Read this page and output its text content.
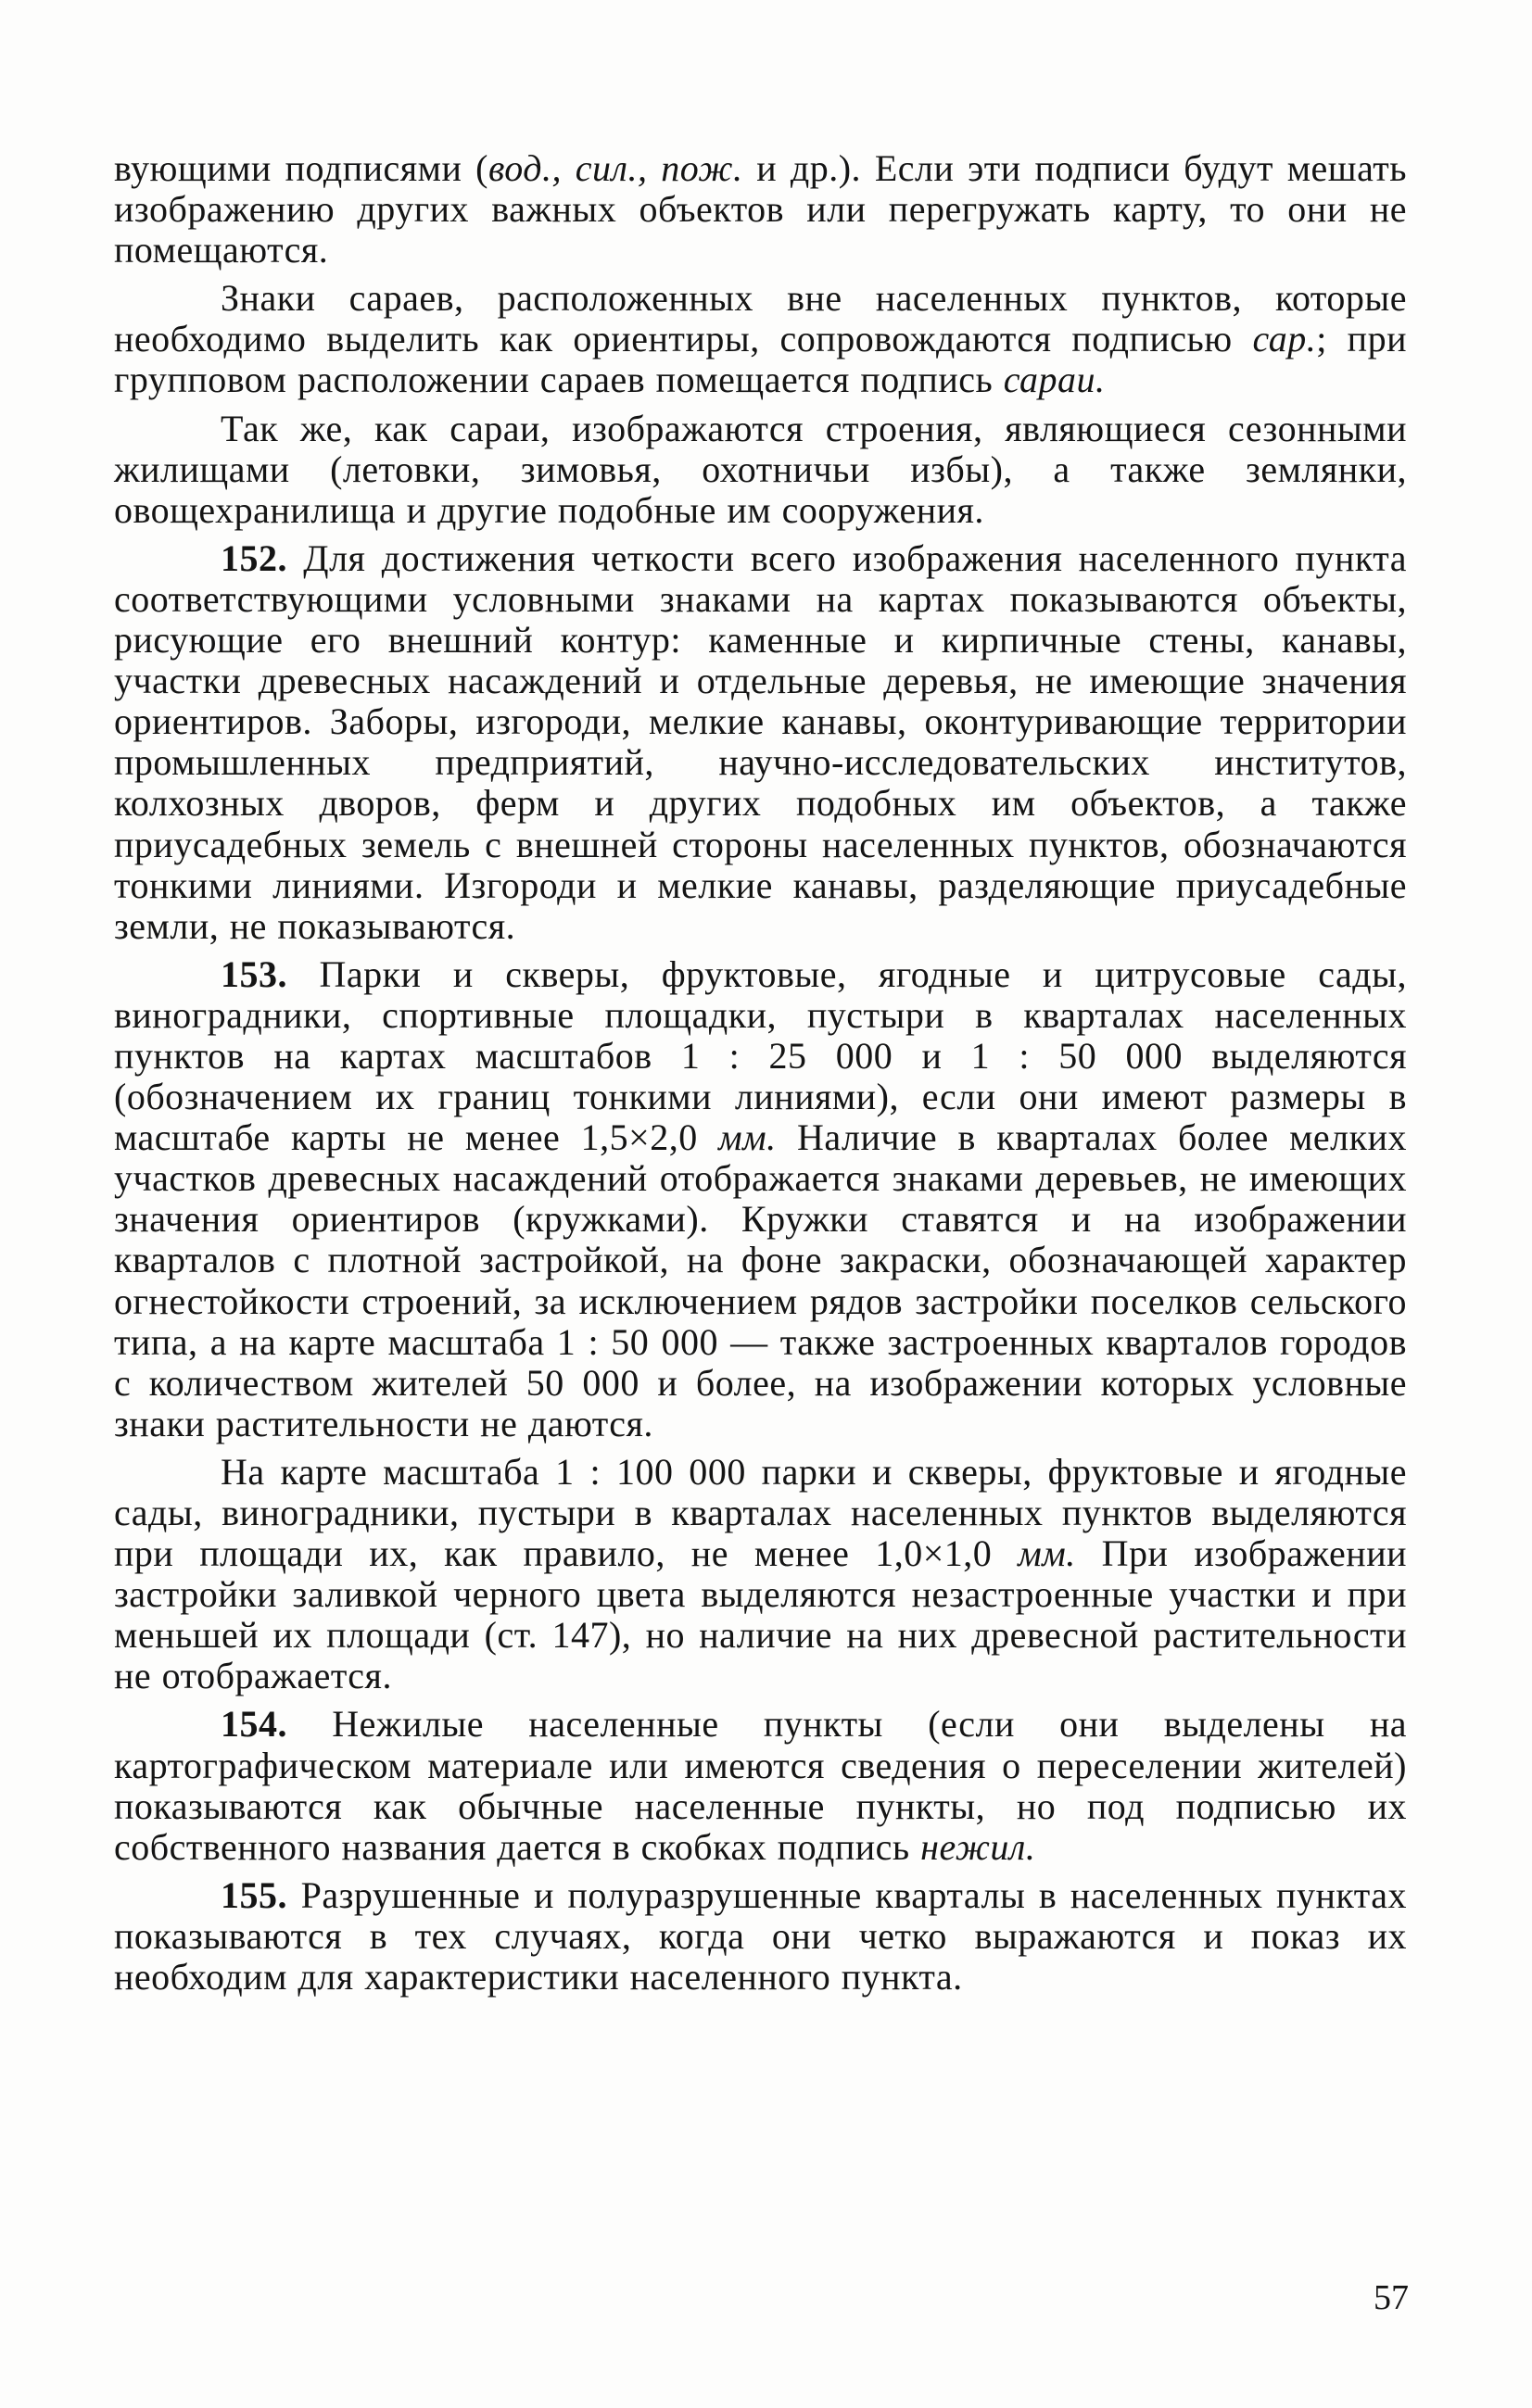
вующими подписями (вод., сил., пож. и др.). Если эти подписи будут мешать изображению других важных объектов или перегружать карту, то они не помещаются.

Знаки сараев, расположенных вне населенных пунктов, которые необходимо выделить как ориентиры, сопровождаются подписью сар.; при групповом расположении сараев помещается подпись сараи.

Так же, как сараи, изображаются строения, являющиеся сезонными жилищами (летовки, зимовья, охотничьи избы), а также землянки, овощехранилища и другие подобные им сооружения.

152. Для достижения четкости всего изображения населенного пункта соответствующими условными знаками на картах показываются объекты, рисующие его внешний контур: каменные и кирпичные стены, канавы, участки древесных насаждений и отдельные деревья, не имеющие значения ориентиров. Заборы, изгороди, мелкие канавы, оконтуривающие территории промышленных предприятий, научно-исследовательских институтов, колхозных дворов, ферм и других подобных им объектов, а также приусадебных земель с внешней стороны населенных пунктов, обозначаются тонкими линиями. Изгороди и мелкие канавы, разделяющие приусадебные земли, не показываются.

153. Парки и скверы, фруктовые, ягодные и цитрусовые сады, виноградники, спортивные площадки, пустыри в кварталах населенных пунктов на картах масштабов 1 : 25 000 и 1 : 50 000 выделяются (обозначением их границ тонкими линиями), если они имеют размеры в масштабе карты не менее 1,5×2,0 мм. Наличие в кварталах более мелких участков древесных насаждений отображается знаками деревьев, не имеющих значения ориентиров (кружками). Кружки ставятся и на изображении кварталов с плотной застройкой, на фоне закраски, обозначающей характер огнестойкости строений, за исключением рядов застройки поселков сельского типа, а на карте масштаба 1 : 50 000 — также застроенных кварталов городов с количеством жителей 50 000 и более, на изображении которых условные знаки растительности не даются.

На карте масштаба 1 : 100 000 парки и скверы, фруктовые и ягодные сады, виноградники, пустыри в кварталах населенных пунктов выделяются при площади их, как правило, не менее 1,0×1,0 мм. При изображении застройки заливкой черного цвета выделяются незастроенные участки и при меньшей их площади (ст. 147), но наличие на них древесной растительности не отображается.

154. Нежилые населенные пункты (если они выделены на картографическом материале или имеются сведения о переселении жителей) показываются как обычные населенные пункты, но под подписью их собственного названия дается в скобках подпись нежил.

155. Разрушенные и полуразрушенные кварталы в населенных пунктах показываются в тех случаях, когда они четко выражаются и показ их необходим для характеристики населенного пункта.

57
